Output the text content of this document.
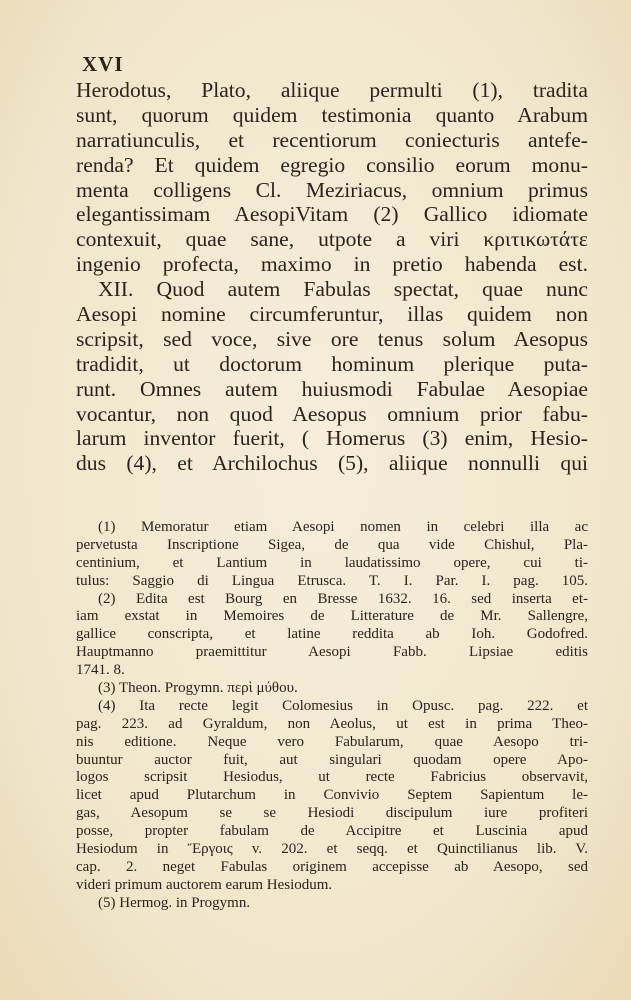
XVI
Herodotus, Plato, aliique permulti (1), tradita
sunt, quorum quidem testimonia quanto Arabum
narratiunculis, et recentiorum coniecturis antefe-
renda? Et quidem egregio consilio eorum monu-
menta colligens Cl. Meziriacus, omnium primus
elegantissimam AesopiVitam (2) Gallico idiomate
contexuit, quae sane, utpote a viri κριτικωτάτε
ingenio profecta, maximo in pretio habenda est.
XII. Quod autem Fabulas spectat, quae nunc
Aesopi nomine circumferuntur, illas quidem non
scripsit, sed voce, sive ore tenus solum Aesopus
tradidit, ut doctorum hominum plerique puta-
runt. Omnes autem huiusmodi Fabulae Aesopiae
vocantur, non quod Aesopus omnium prior fabu-
larum inventor fuerit, ( Homerus (3) enim, Hesio-
dus (4), et Archilochus (5), aliique nonnulli qui
(1) Memoratur etiam Aesopi nomen in celebri illa ac
pervetusta Inscriptione Sigea, de qua vide Chishul, Pla-
centinium, et Lantium in laudatissimo opere, cui ti-
tulus: Saggio di Lingua Etrusca. T. I. Par. I. pag. 105.
(2) Edita est Bourg en Bresse 1632. 16. sed inserta et-
iam exstat in Memoires de Litterature de Mr. Sallengre,
gallice conscripta, et latine reddita ab Ioh. Godofred.
Hauptmanno praemittitur Aesopi Fabb. Lipsiae editis
1741. 8.
(3) Theon. Progymn. περὶ μύθου.
(4) Ita recte legit Colomesius in Opusc. pag. 222. et
pag. 223. ad Gyraldum, non Aeolus, ut est in prima Theo-
nis editione. Neque vero Fabularum, quae Aesopo tri-
buuntur auctor fuit, aut singulari quodam opere Apo-
logos scripsit Hesiodus, ut recte Fabricius observavit,
licet apud Plutarchum in Convivio Septem Sapientum le-
gas, Aesopum se se Hesiodi discipulum iure profiteri
posse, propter fabulam de Accipitre et Luscinia apud
Hesiodum in Ἔργοις v. 202. et seqq. et Quinctilianus lib. V.
cap. 2. neget Fabulas originem accepisse ab Aesopo, sed
videri primum auctorem earum Hesiodum.
(5) Hermog. in Progymn.
